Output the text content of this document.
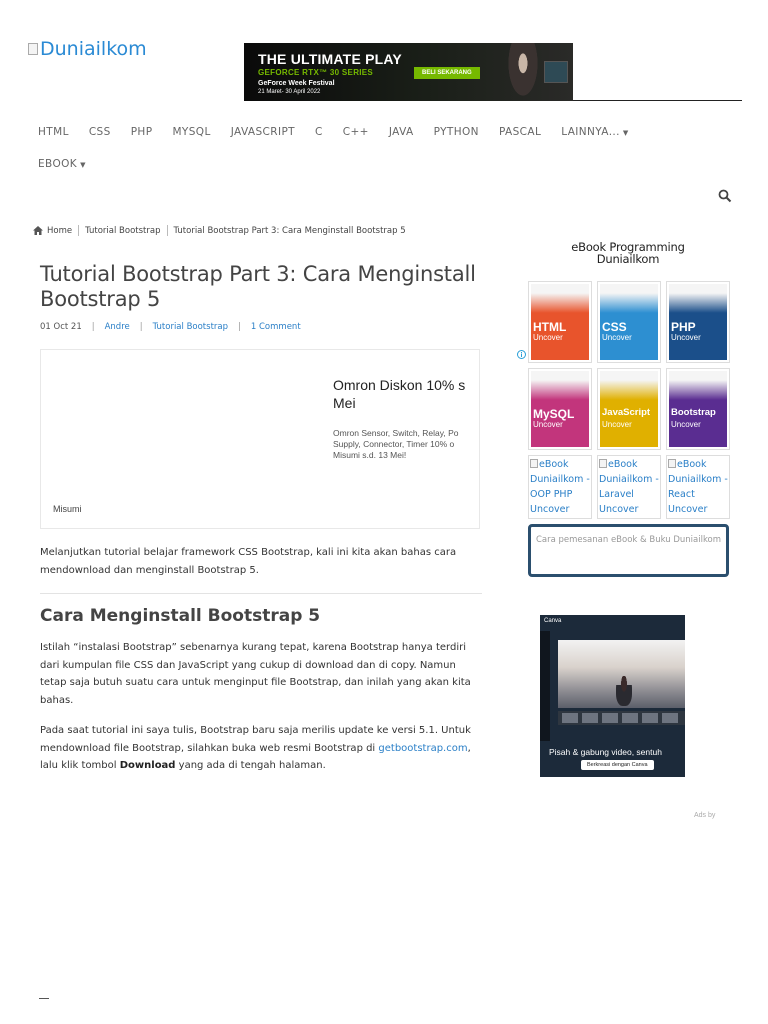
Duniailkom	THE ULTIMATE PLAY
GEFORCE RTX™ 30 SERIES
GeForce Week Festival
21 Maret- 30 April 2022
BELI SEKARANG
HTML	CSS	PHP	MYSQL	JAVASCRIPT	C	C++	JAVA	PYTHON	PASCAL	LAINNYA... ▼
EBOOK ▼
Home Tutorial Bootstrap Tutorial Bootstrap Part 3: Cara Menginstall Bootstrap 5
Tutorial Bootstrap Part 3: Cara Menginstall Bootstrap 5
01 Oct 21 | Andre | Tutorial Bootstrap | 1 Comment
Omron Diskon 10% s
Mei
Omron Sensor, Switch, Relay, Po Supply, Connector, Timer 10% o Misumi s.d. 13 Mei!
Misumi

Melanjutkan tutorial belajar framework CSS Bootstrap, kali ini kita akan bahas cara mendownload dan menginstall Bootstrap 5.

Cara Menginstall Bootstrap 5

Istilah “instalasi Bootstrap” sebenarnya kurang tepat, karena Bootstrap hanya terdiri dari kumpulan file CSS dan JavaScript yang cukup di download dan di copy. Namun tetap saja butuh suatu cara untuk menginput file Bootstrap, dan inilah yang akan kita bahas.

Pada saat tutorial ini saya tulis, Bootstrap baru saja merilis update ke versi 5.1. Untuk mendownload file Bootstrap, silahkan buka web resmi Bootstrap di getbootstrap.com, lalu klik tombol Download yang ada di tengah halaman.

eBook Programming Duniailkom
HTML
Uncover
CSS
Uncover
PHP
Uncover
MySQL
Uncover
JavaScript
Uncover
Bootstrap
Uncover
eBook Duniailkom - OOP PHP Uncover
eBook Duniailkom - Laravel Uncover
eBook Duniailkom - React Uncover
Cara pemesanan eBook & Buku Duniailkom
Canva
Pisah & gabung video, sentuh
Berkreasi dengan Canva
Ads by
